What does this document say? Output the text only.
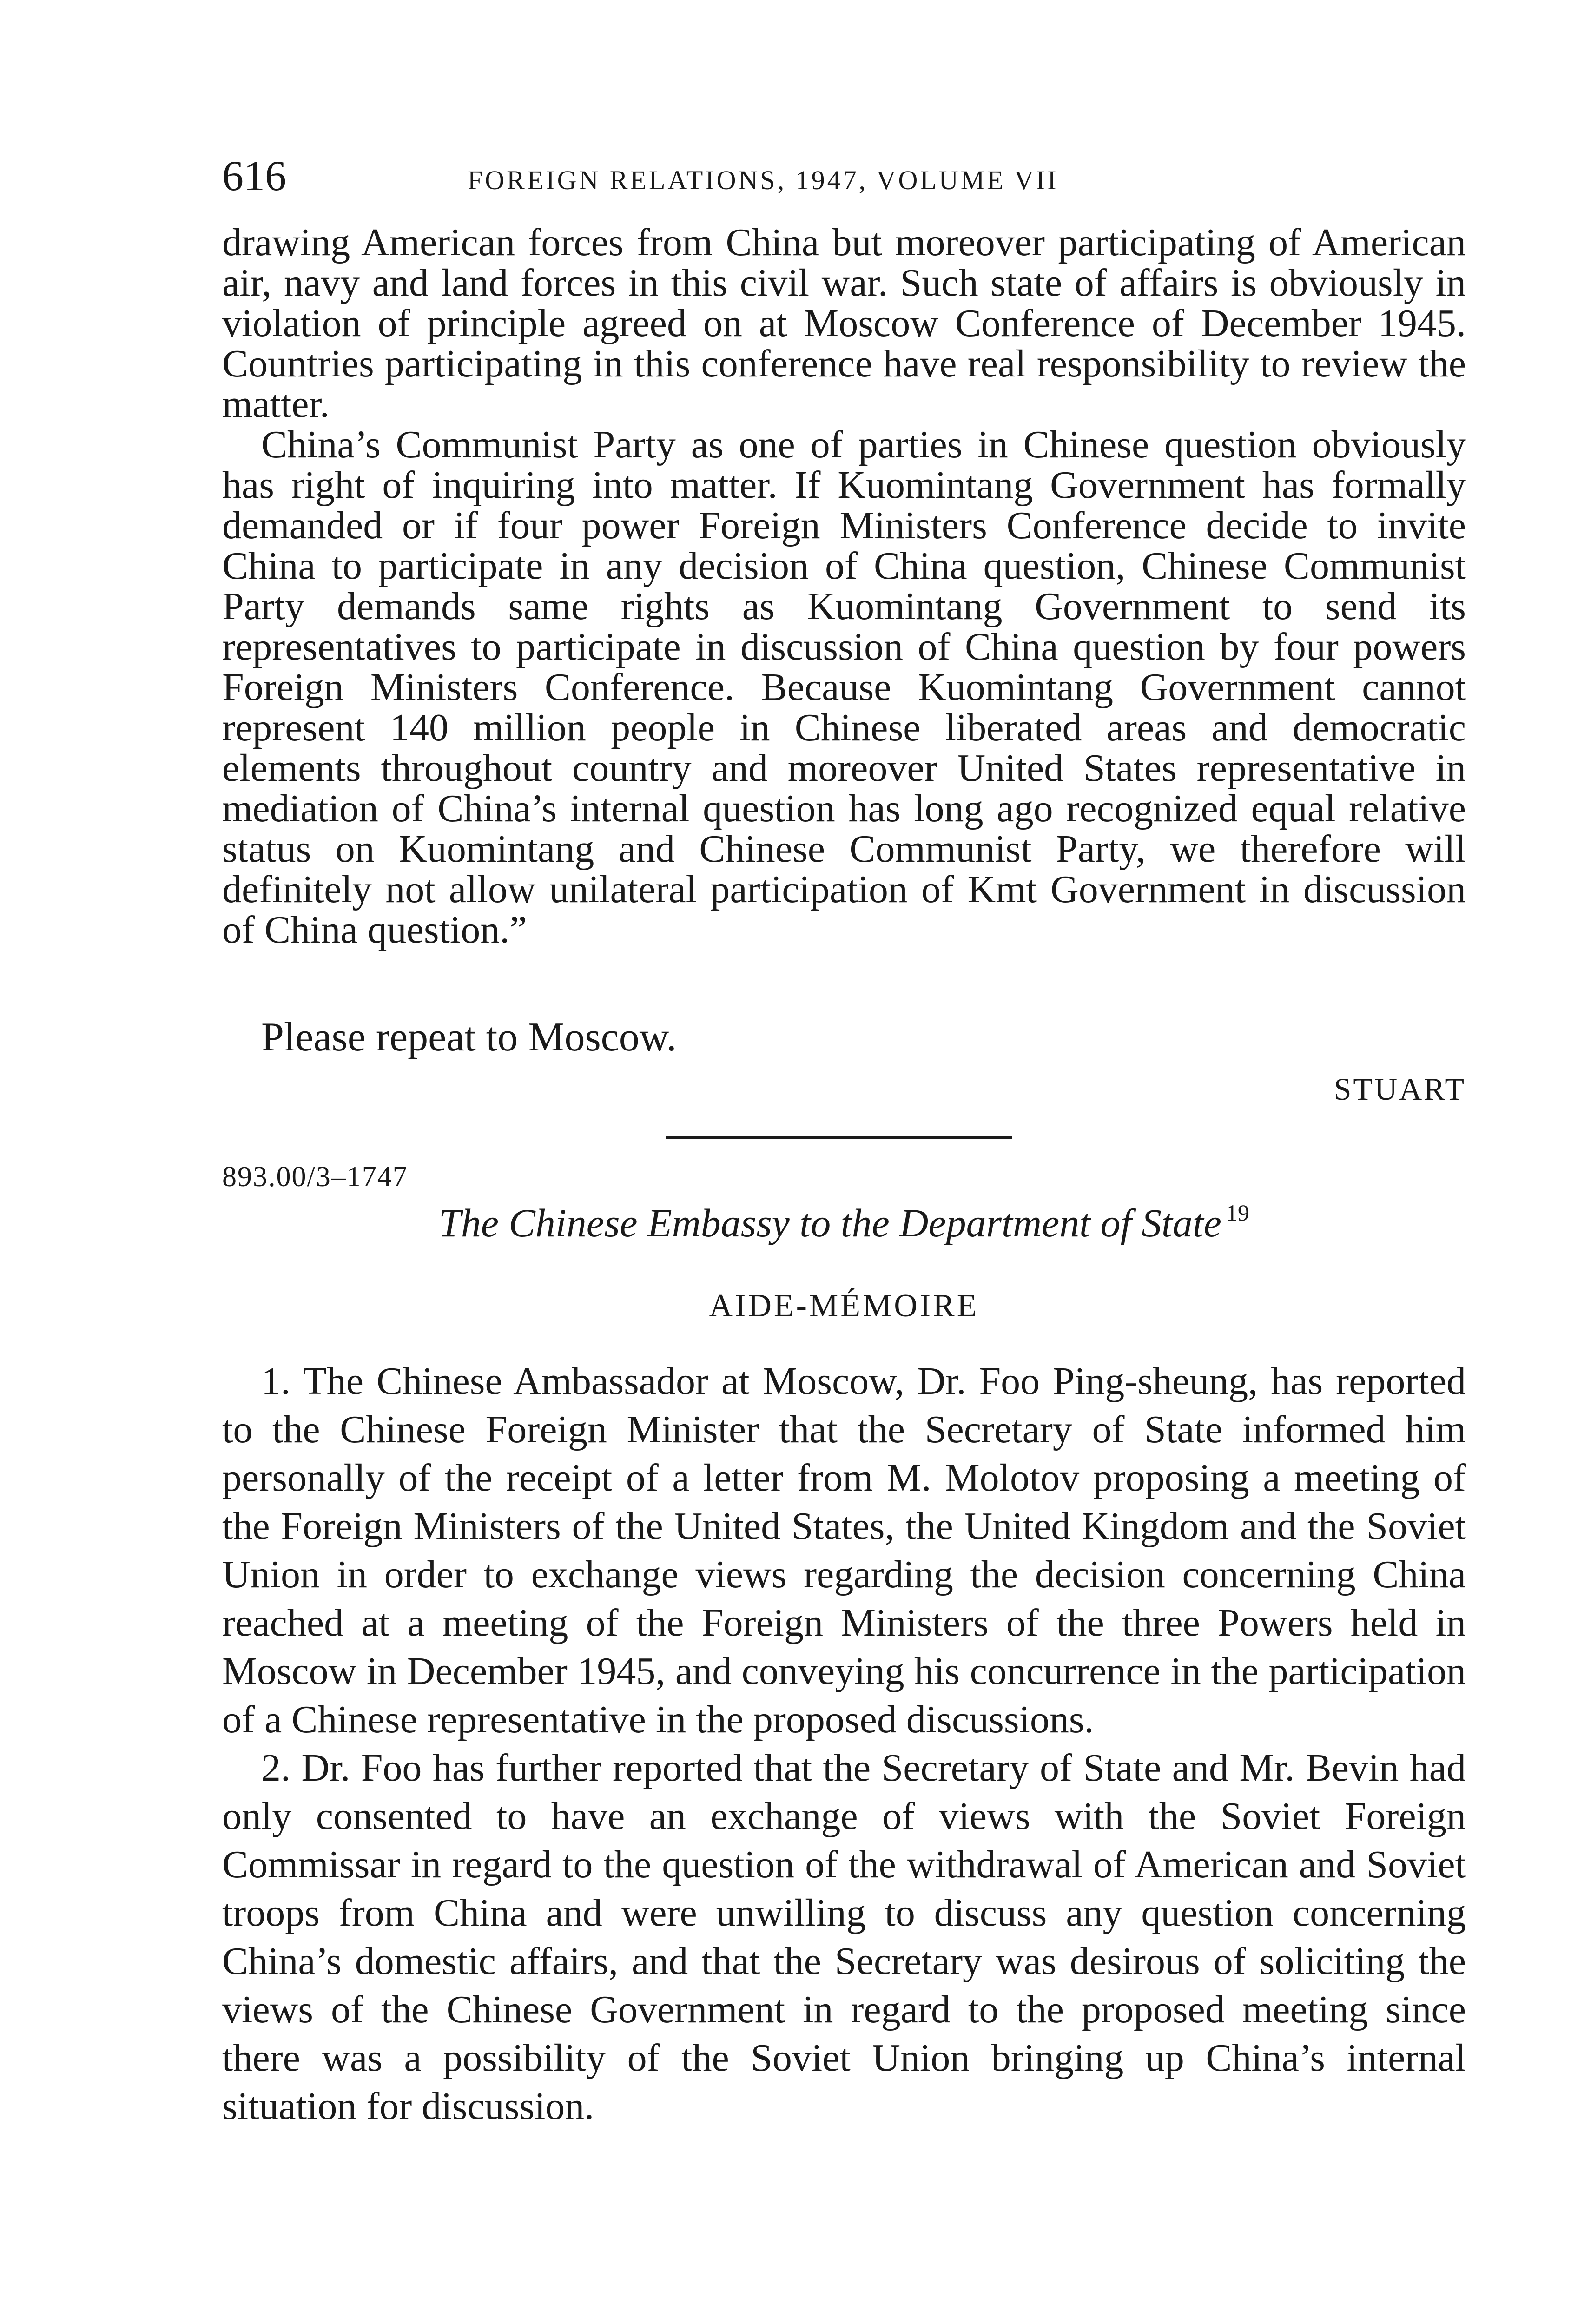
616	FOREIGN RELATIONS, 1947, VOLUME VII

drawing American forces from China but moreover participating of American air, navy and land forces in this civil war. Such state of affairs is obviously in violation of principle agreed on at Moscow Conference of December 1945. Countries participating in this conference have real responsibility to review the matter.

China’s Communist Party as one of parties in Chinese question obviously has right of inquiring into matter. If Kuomintang Government has formally demanded or if four power Foreign Ministers Conference decide to invite China to participate in any decision of China question, Chinese Communist Party demands same rights as Kuomintang Government to send its representatives to participate in discussion of China question by four powers Foreign Ministers Conference. Because Kuomintang Government cannot represent 140 million people in Chinese liberated areas and democratic elements throughout country and moreover United States representative in mediation of China’s internal question has long ago recognized equal relative status on Kuomintang and Chinese Communist Party, we therefore will definitely not allow unilateral participation of Kmt Government in discussion of China question.”

Please repeat to Moscow.

STUART
893.00/3–1747
The Chinese Embassy to the Department of State $^{19}$
AIDE-MÉMOIRE

1. The Chinese Ambassador at Moscow, Dr. Foo Ping-sheung, has reported to the Chinese Foreign Minister that the Secretary of State informed him personally of the receipt of a letter from M. Molotov proposing a meeting of the Foreign Ministers of the United States, the United Kingdom and the Soviet Union in order to exchange views regarding the decision concerning China reached at a meeting of the Foreign Ministers of the three Powers held in Moscow in December 1945, and conveying his concurrence in the participation of a Chinese representative in the proposed discussions.

2. Dr. Foo has further reported that the Secretary of State and Mr. Bevin had only consented to have an exchange of views with the Soviet Foreign Commissar in regard to the question of the withdrawal of American and Soviet troops from China and were unwilling to discuss any question concerning China’s domestic affairs, and that the Secretary was desirous of soliciting the views of the Chinese Government in regard to the proposed meeting since there was a possibility of the Soviet Union bringing up China’s internal situation for discussion.
